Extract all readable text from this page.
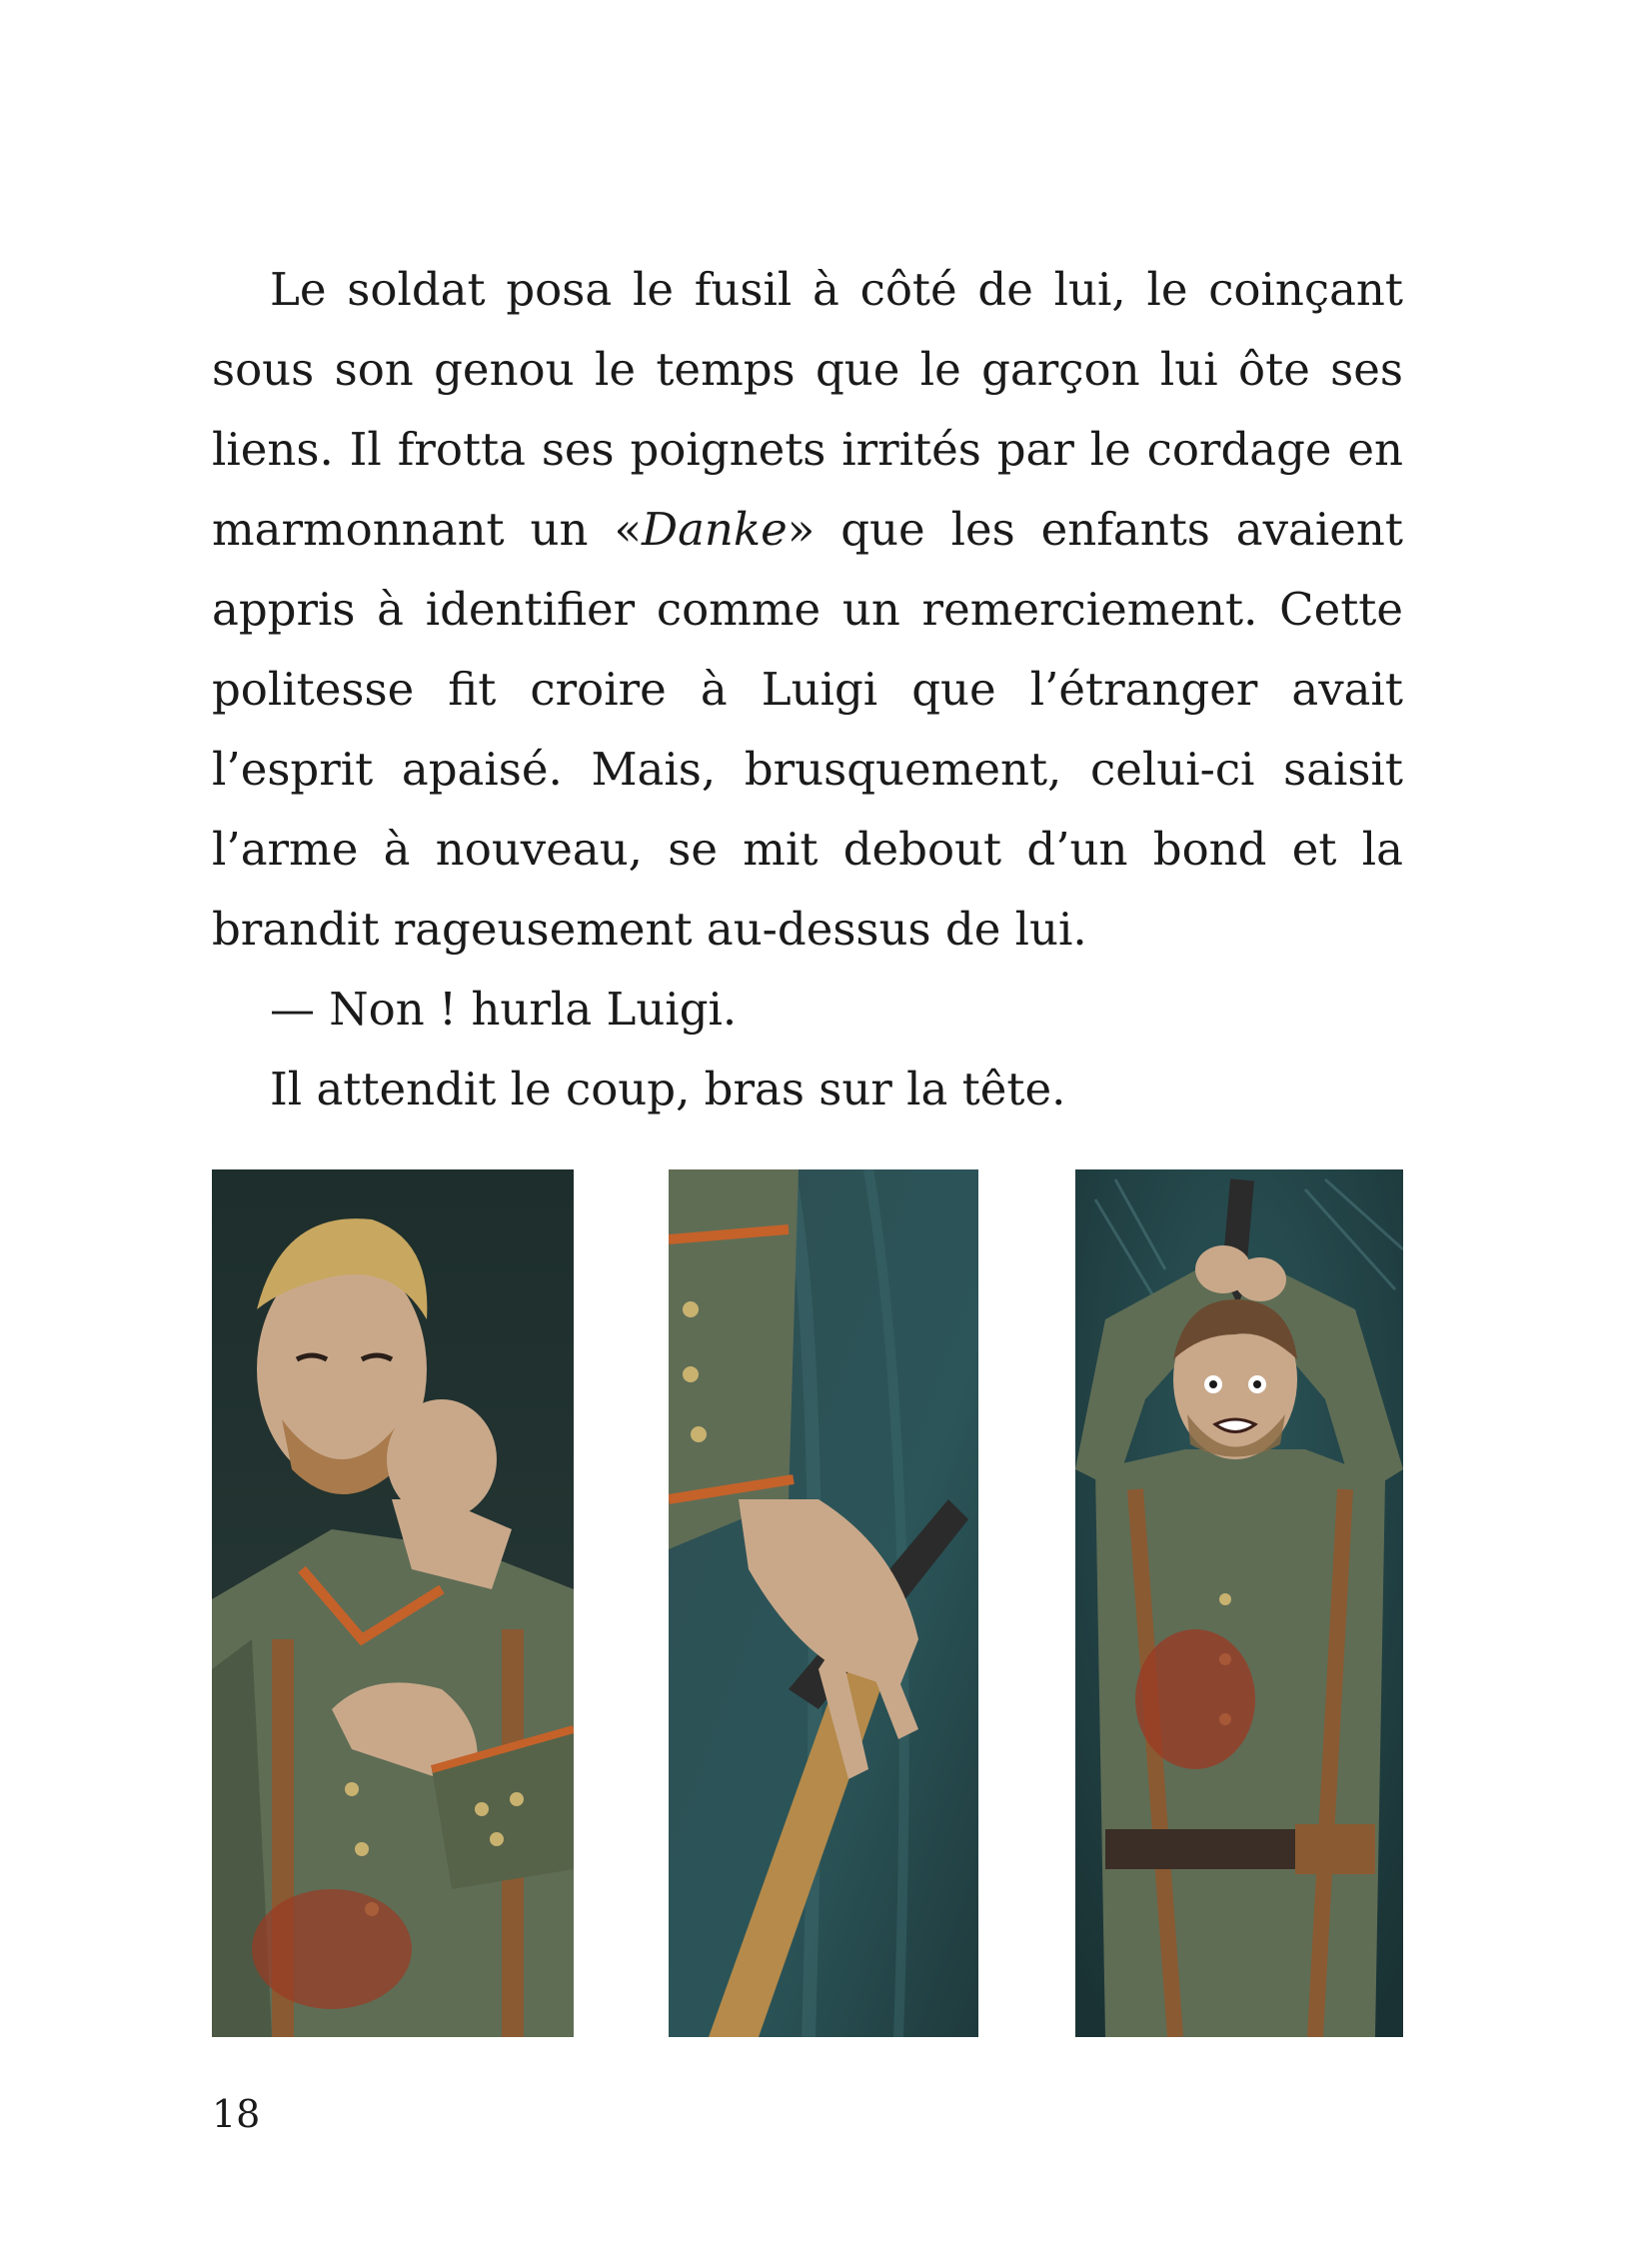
Le soldat posa le fusil à côté de lui, le coinçant sous son genou le temps que le garçon lui ôte ses liens. Il frotta ses poignets irrités par le cordage en marmonnant un «Danke» que les enfants avaient appris à identifier comme un remerciement. Cette politesse fit croire à Luigi que l’étranger avait l’esprit apaisé. Mais, brusquement, celui-ci saisit l’arme à nouveau, se mit debout d’un bond et la brandit rageusement au-dessus de lui.

— Non ! hurla Luigi.

Il attendit le coup, bras sur la tête.

18
